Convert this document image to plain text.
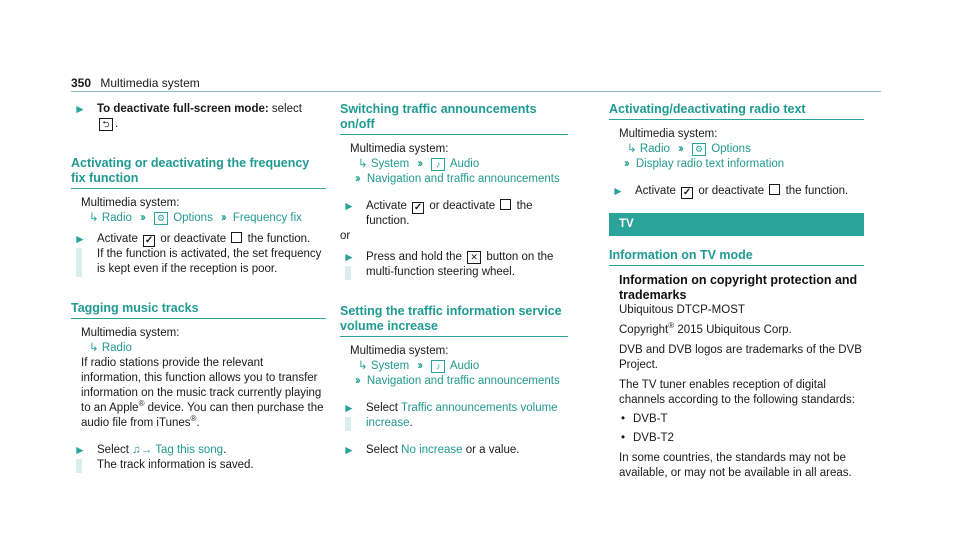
350 Multimedia system
► To deactivate full-screen mode: select
⮌ .
Activating or deactivating the frequency fix function
Multimedia system:
↳ Radio ›› ⚙ Options ›› Frequency fix
► Activate ✓ or deactivate the function.
If the function is activated, the set frequency is kept even if the reception is poor.
Tagging music tracks
Multimedia system:
↳ Radio
If radio stations provide the relevant information, this function allows you to transfer information on the music track currently playing to an Apple® device. You can then purchase the audio file from iTunes®.
► Select ♫→ Tag this song.
The track information is saved.
Switching traffic announcements on/off
Multimedia system:
↳ System ›› ♪ Audio
›› Navigation and traffic announcements
► Activate ✓ or deactivate the function.
or
► Press and hold the ✕ button on the multi-function steering wheel.
Setting the traffic information service volume increase
Multimedia system:
↳ System ›› ♪ Audio
›› Navigation and traffic announcements
► Select Traffic announcements volume increase.
► Select No increase or a value.
Activating/deactivating radio text
Multimedia system:
↳ Radio ›› ⚙ Options
›› Display radio text information
► Activate ✓ or deactivate the function.
TV
Information on TV mode
Information on copyright protection and trademarks
Ubiquitous DTCP-MOST
Copyright® 2015 Ubiquitous Corp.
DVB and DVB logos are trademarks of the DVB Project.
The TV tuner enables reception of digital channels according to the following standards:
• DVB-T
• DVB-T2
In some countries, the standards may not be available, or may not be available in all areas.
